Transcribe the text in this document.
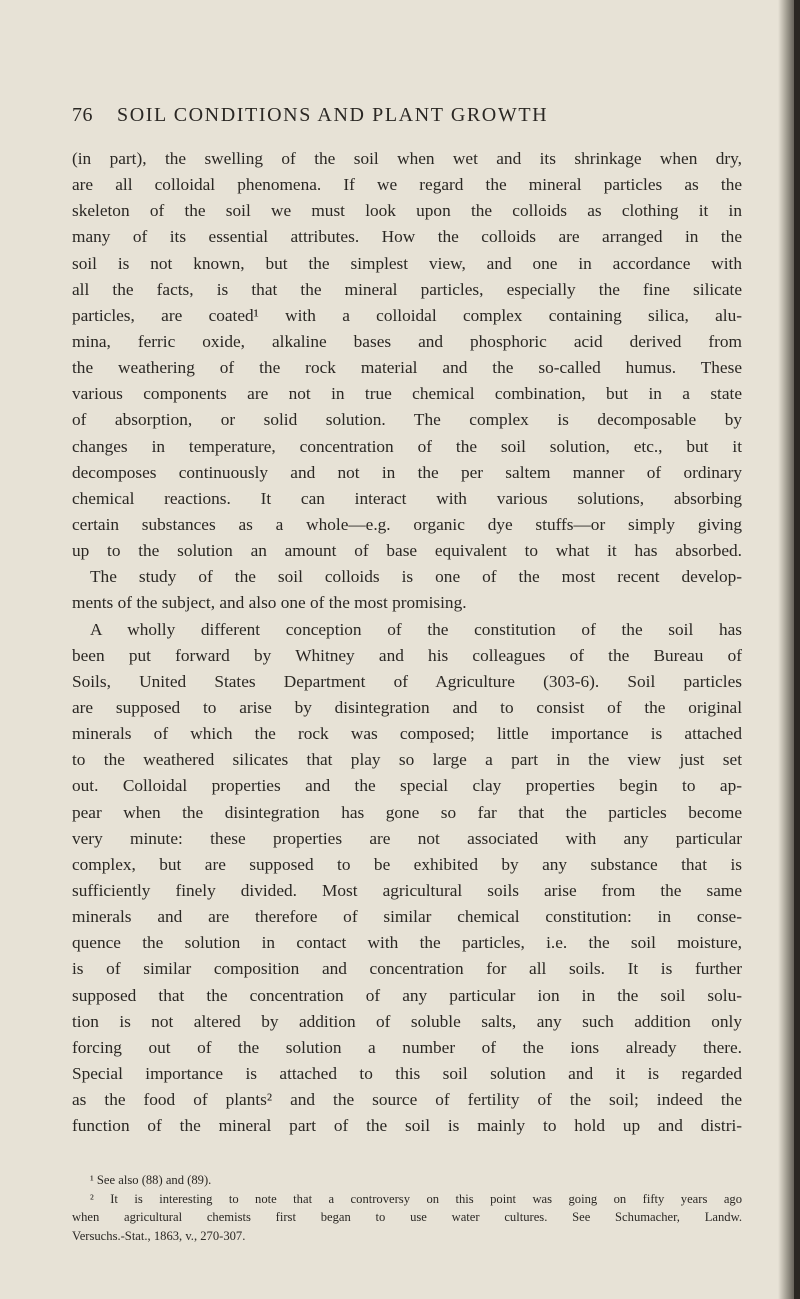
76 SOIL CONDITIONS AND PLANT GROWTH
(in part), the swelling of the soil when wet and its shrinkage when dry,
are all colloidal phenomena. If we regard the mineral particles as the
skeleton of the soil we must look upon the colloids as clothing it in
many of its essential attributes. How the colloids are arranged in the
soil is not known, but the simplest view, and one in accordance with
all the facts, is that the mineral particles, especially the fine silicate
particles, are coated¹ with a colloidal complex containing silica, alu-
mina, ferric oxide, alkaline bases and phosphoric acid derived from
the weathering of the rock material and the so-called humus. These
various components are not in true chemical combination, but in a state
of absorption, or solid solution. The complex is decomposable by
changes in temperature, concentration of the soil solution, etc., but it
decomposes continuously and not in the per saltem manner of ordinary
chemical reactions. It can interact with various solutions, absorbing
certain substances as a whole—e.g. organic dye stuffs—or simply giving
up to the solution an amount of base equivalent to what it has absorbed.
The study of the soil colloids is one of the most recent develop-
ments of the subject, and also one of the most promising.
A wholly different conception of the constitution of the soil has
been put forward by Whitney and his colleagues of the Bureau of
Soils, United States Department of Agriculture (303-6). Soil particles
are supposed to arise by disintegration and to consist of the original
minerals of which the rock was composed; little importance is attached
to the weathered silicates that play so large a part in the view just set
out. Colloidal properties and the special clay properties begin to ap-
pear when the disintegration has gone so far that the particles become
very minute: these properties are not associated with any particular
complex, but are supposed to be exhibited by any substance that is
sufficiently finely divided. Most agricultural soils arise from the same
minerals and are therefore of similar chemical constitution: in conse-
quence the solution in contact with the particles, i.e. the soil moisture,
is of similar composition and concentration for all soils. It is further
supposed that the concentration of any particular ion in the soil solu-
tion is not altered by addition of soluble salts, any such addition only
forcing out of the solution a number of the ions already there.
Special importance is attached to this soil solution and it is regarded
as the food of plants² and the source of fertility of the soil; indeed the
function of the mineral part of the soil is mainly to hold up and distri-
¹ See also (88) and (89).
² It is interesting to note that a controversy on this point was going on fifty years ago
when agricultural chemists first began to use water cultures. See Schumacher, Landw.
Versuchs.-Stat., 1863, v., 270-307.
